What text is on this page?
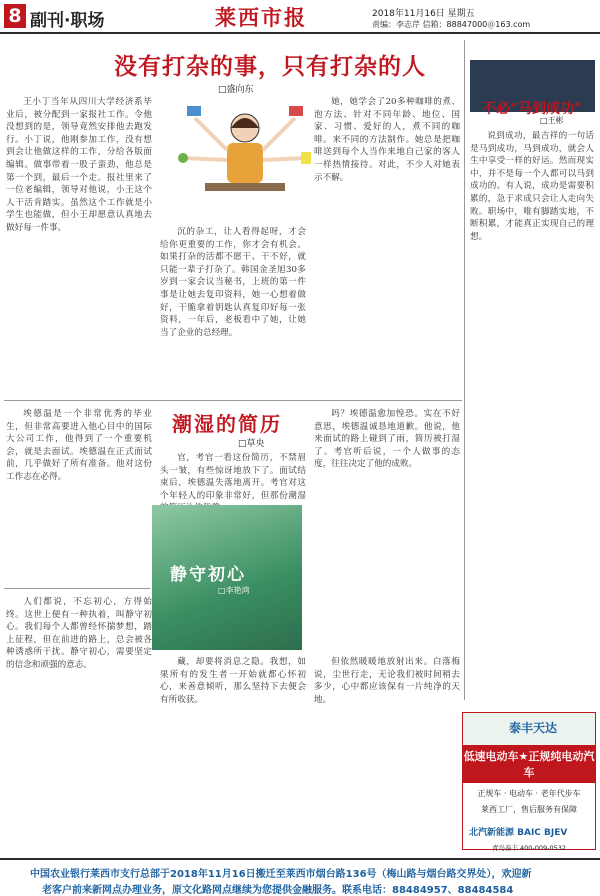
8 副刊·职场	莱西市报	2018年11月16日 星期五
责编：李志芹 信箱：88847000＠163.com
没有打杂的事，只有打杂的人
□盛向东
王小丁当年从四川大学经济系毕业后，被分配到一家报社工作。令他没想到的是，领导竟然安排他去跑发行。小丁说，他刚参加工作，没有想到会让他做这样的工作，分给各版面编辑。做事带着一股子蛮劲，他总是第一个到，最后一个走。报社里来了一位老编辑，领导对他说，小王这个人干活肯踏实。虽然这个工作就是小学生也能做，但小王却愿意认真地去做好每一件事。	沉的杂工，让人看得起呀，才会给你更重要的工作，你才会有机会。如果打杂的活都不愿干、干不好，就只能一辈子打杂了。韩国金圣旭30多岁到一家会议当秘书，上班的第一件事是让她去复印资料，她一心想着做好，干脆拿着钥匙认真复印好每一张资料，一年后，老板看中了她，让她当了企业的总经理。
她，她学会了20多种咖啡的煮、泡方法、针对不同年龄、地位、国家、习惯、爱好的人，煮不同的咖啡。来不同的方法制作。她总是把咖啡送到每个人当作来地自己家的客人一样热情接待。对此，不少人对她表示不解。
不必“马到成功”
□王彬
说到成功，最吉祥的一句话是马到成功，马到成功，就会人生中享受一样的好运。然而现实中，并不是每一个人都可以马到成功的。有人说，成功是需要积累的，急于求成只会让人走向失败。职场中，唯有脚踏实地，不断积累，才能真正实现自己的理想。
潮湿的简历
□草央
埃德温是一个非常优秀的毕业生，但非常高要进入他心目中的国际大公司工作，他得到了一个重要机会，就是去面试。埃德温在正式面试前，几乎做好了所有准备。他对这份工作志在必得。
官，考官一看这份简历，不禁眉头一皱，有些惊讶地放下了。面试结束后，埃德温失落地离开。考官对这个年轻人的印象非常好，但那份潮湿
吗？埃德温愈加惶恐。实在不好意思，埃德温诚恳地道歉。他说，他来面试的路上碰到了雨，简历被打湿了。考官听后说，一个人做事的态度，往往决定了他的成败。
静守初心
□李艳鸿
人们都说，不忘初心，方得始终。这世上便有一种执着，叫静守初心。我们每个人都曾经怀揣梦想，踏上征程，但在前进的路上，总会被各种诱惑所干扰。静守初心，需要坚定的信念和顽强的意志。	藏，却要将消息之隐。我想，如果所有的发生者一开始就都心怀初心，来善意倾听，那么坚持下去便会有所收获。
但依然暖暖地放射出来。白落梅说，尘世行走，无论我们被时间稍去多少，心中都应该保有一片纯净的天地。
泰丰天达
低速电动车★正规纯电动汽车
正规车 · 电动车 · 老年代步车
莱西工厂，售后服务有保障
北汽新能源 BAIC BJEV
青岛泰丰 400-009-0532
中国农业银行莱西市支行总部于2018年11月16日搬迁至莱西市烟台路136号（梅山路与烟台路交界处），欢迎新
老客户前来新网点办理业务，原文化路网点继续为您提供金融服务。联系电话：88484957、88484584
